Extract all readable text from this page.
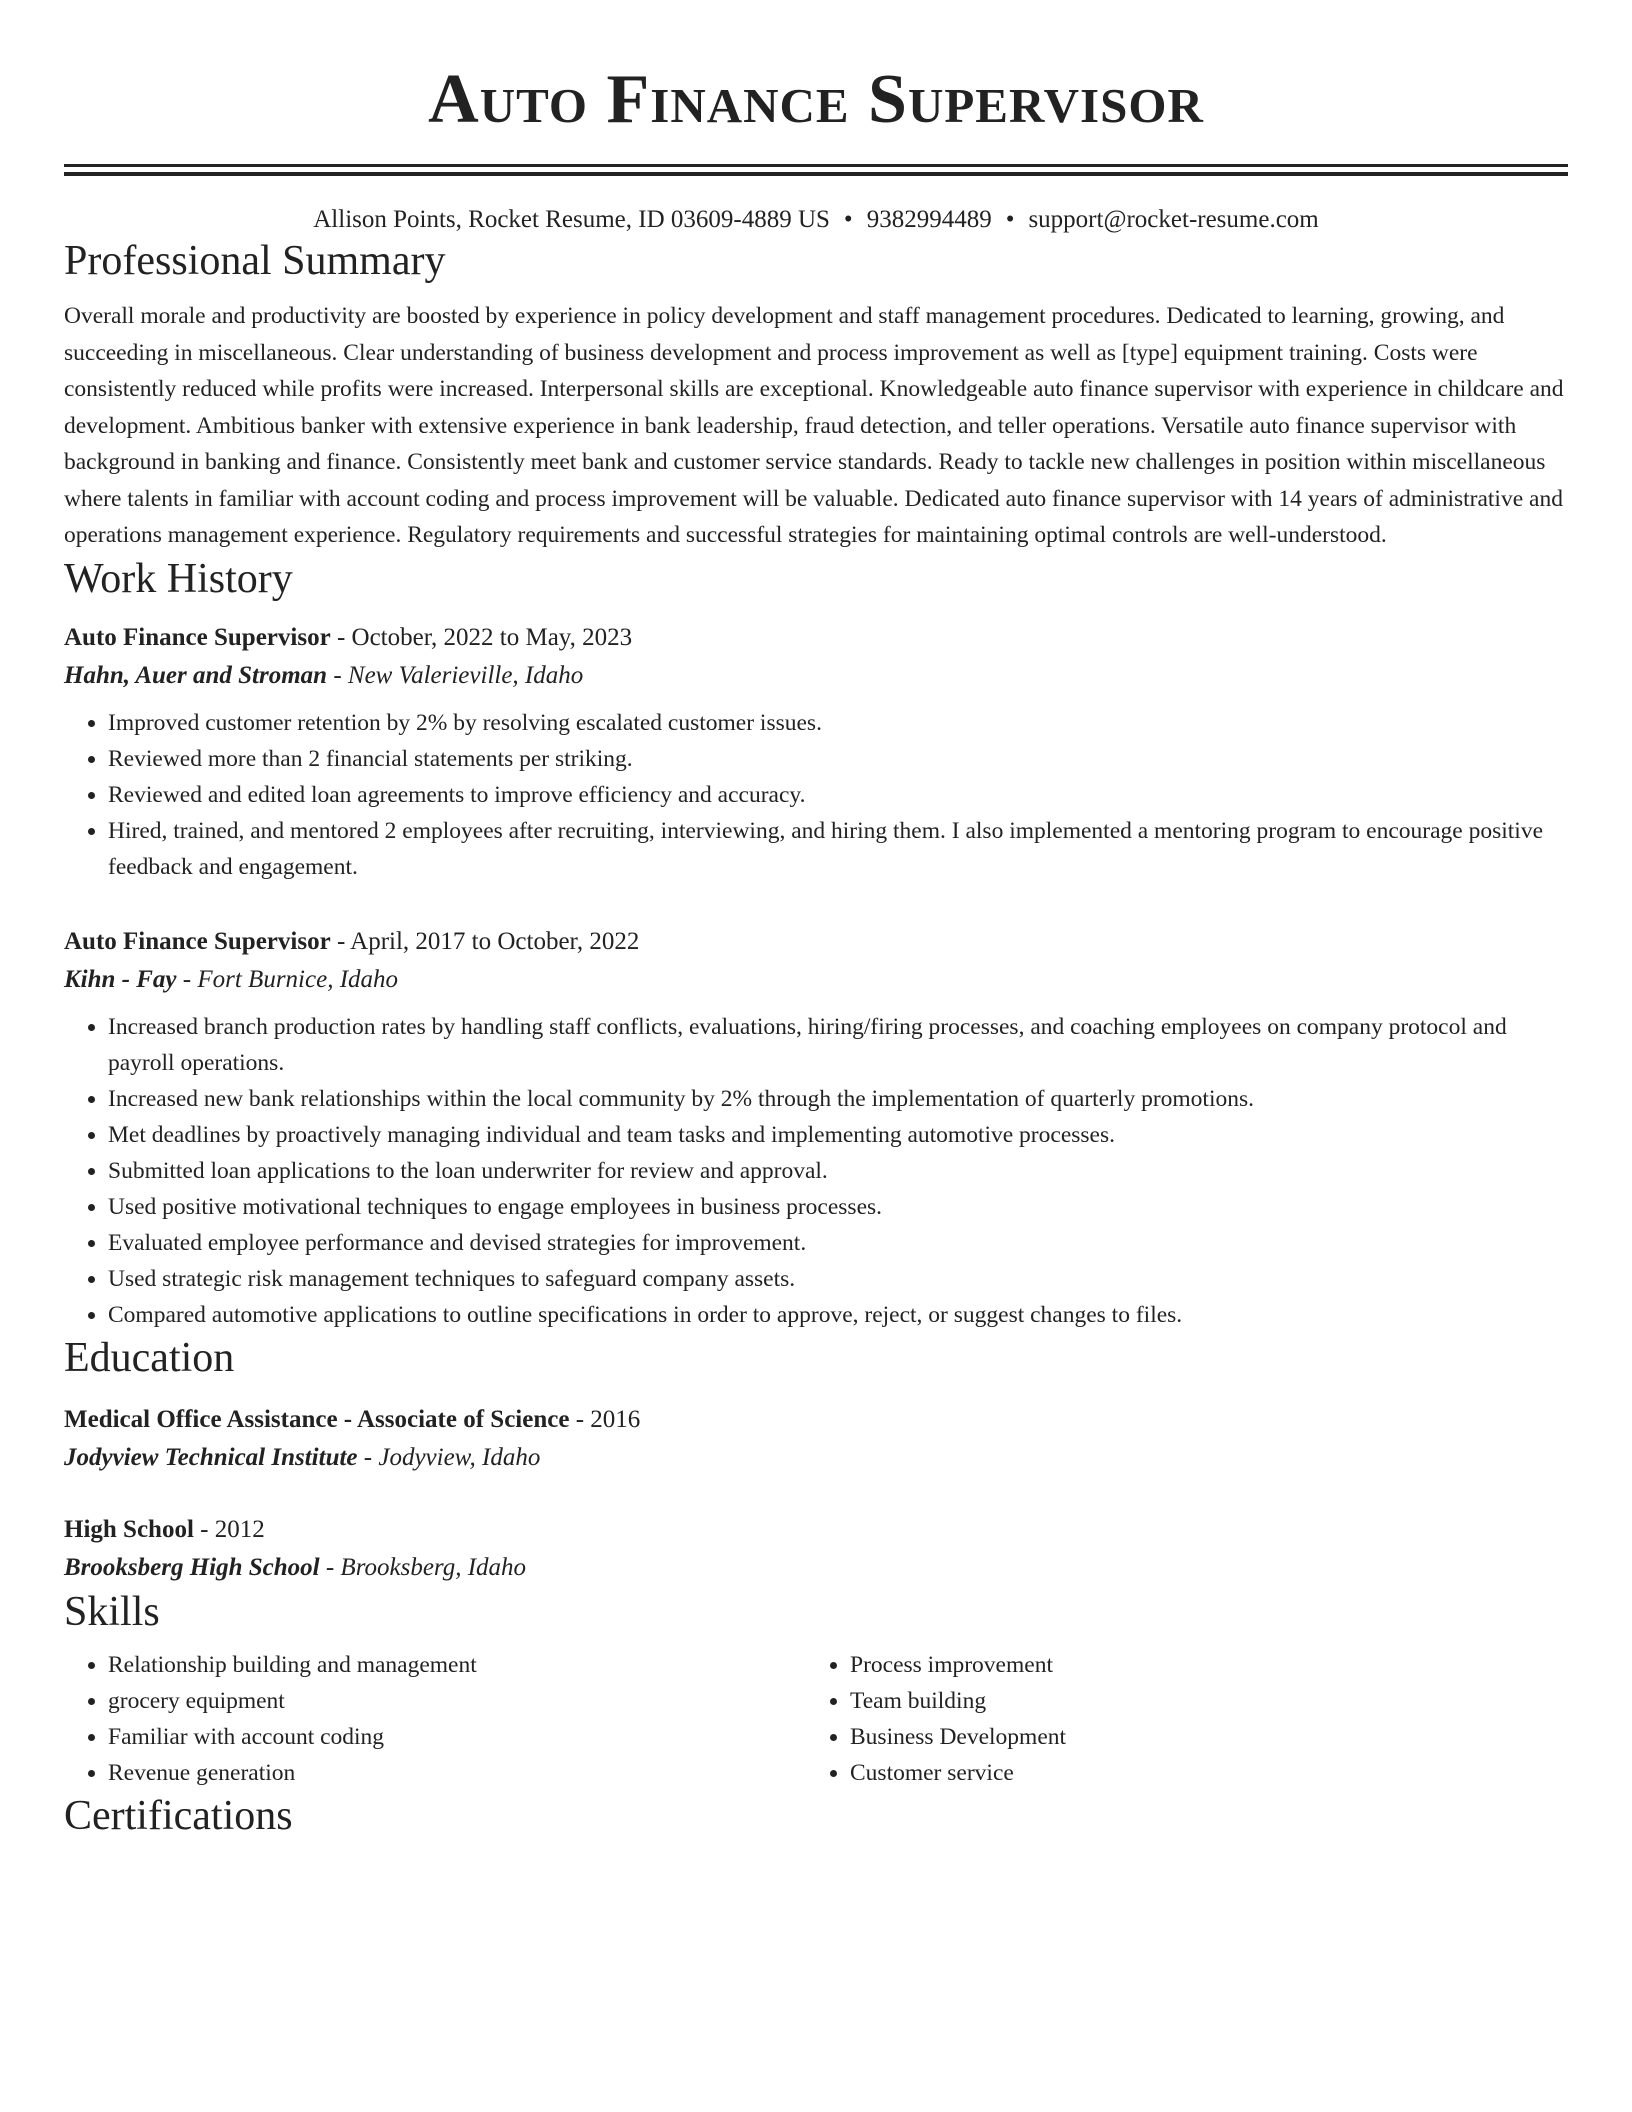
Auto Finance Supervisor
Allison Points, Rocket Resume, ID 03609-4889 US • 9382994489 • support@rocket-resume.com
Professional Summary
Overall morale and productivity are boosted by experience in policy development and staff management procedures. Dedicated to learning, growing, and succeeding in miscellaneous. Clear understanding of business development and process improvement as well as [type] equipment training. Costs were consistently reduced while profits were increased. Interpersonal skills are exceptional. Knowledgeable auto finance supervisor with experience in childcare and development. Ambitious banker with extensive experience in bank leadership, fraud detection, and teller operations. Versatile auto finance supervisor with background in banking and finance. Consistently meet bank and customer service standards. Ready to tackle new challenges in position within miscellaneous where talents in familiar with account coding and process improvement will be valuable. Dedicated auto finance supervisor with 14 years of administrative and operations management experience. Regulatory requirements and successful strategies for maintaining optimal controls are well-understood.
Work History
Auto Finance Supervisor - October, 2022 to May, 2023
Hahn, Auer and Stroman - New Valerieville, Idaho
• Improved customer retention by 2% by resolving escalated customer issues.
• Reviewed more than 2 financial statements per striking.
• Reviewed and edited loan agreements to improve efficiency and accuracy.
• Hired, trained, and mentored 2 employees after recruiting, interviewing, and hiring them. I also implemented a mentoring program to encourage positive feedback and engagement.
Auto Finance Supervisor - April, 2017 to October, 2022
Kihn - Fay - Fort Burnice, Idaho
• Increased branch production rates by handling staff conflicts, evaluations, hiring/firing processes, and coaching employees on company protocol and payroll operations.
• Increased new bank relationships within the local community by 2% through the implementation of quarterly promotions.
• Met deadlines by proactively managing individual and team tasks and implementing automotive processes.
• Submitted loan applications to the loan underwriter for review and approval.
• Used positive motivational techniques to engage employees in business processes.
• Evaluated employee performance and devised strategies for improvement.
• Used strategic risk management techniques to safeguard company assets.
• Compared automotive applications to outline specifications in order to approve, reject, or suggest changes to files.
Education
Medical Office Assistance - Associate of Science - 2016
Jodyview Technical Institute - Jodyview, Idaho
High School - 2012
Brooksberg High School - Brooksberg, Idaho
Skills
• Relationship building and management
• grocery equipment
• Familiar with account coding
• Revenue generation
• Process improvement
• Team building
• Business Development
• Customer service
Certifications
